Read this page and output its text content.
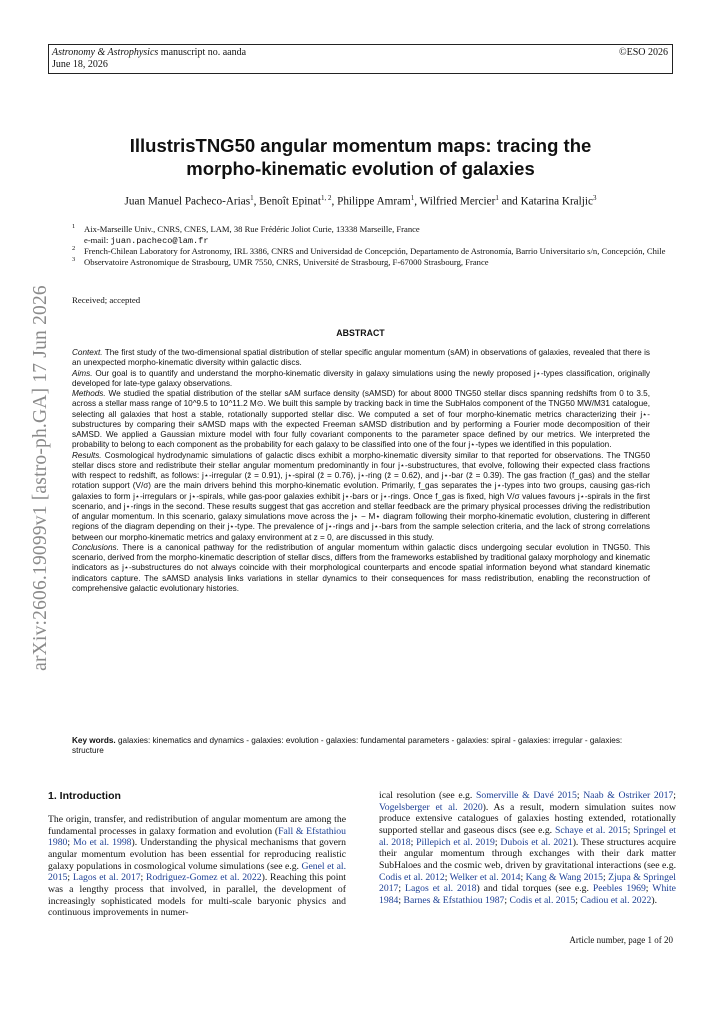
arXiv:2606.19099v1 [astro-ph.GA] 17 Jun 2026
Astronomy & Astrophysics manuscript no. aanda
June 18, 2026
©ESO 2026
IllustrisTNG50 angular momentum maps: tracing the
morpho-kinematic evolution of galaxies
Juan Manuel Pacheco-Arias$^1$, Benoît Epinat$^{1, 2}$, Philippe Amram$^1$, Wilfried Mercier$^1$ and Katarina Kraljic$^3$
1 Aix-Marseille Univ., CNRS, CNES, LAM, 38 Rue Frédéric Joliot Curie, 13338 Marseille, France
e-mail: juan.pacheco@lam.fr
2 French-Chilean Laboratory for Astronomy, IRL 3386, CNRS and Universidad de Concepción, Departamento de Astronomía, Barrio Universitario s/n, Concepción, Chile
3 Observatoire Astronomique de Strasbourg, UMR 7550, CNRS, Université de Strasbourg, F-67000 Strasbourg, France
Received; accepted
ABSTRACT

Context. The first study of the two-dimensional spatial distribution of stellar specific angular momentum (sAM) in observations of galaxies, revealed that there is an unexpected morpho-kinematic diversity within galactic discs.

Aims. Our goal is to quantify and understand the morpho-kinematic diversity in galaxy simulations using the newly proposed j⋆-types classification, originally developed for late-type galaxy observations.

Methods. We studied the spatial distribution of the stellar sAM surface density (sAMSD) for about 8000 TNG50 stellar discs spanning redshifts from 0 to 3.5, across a stellar mass range of 10^9.5 to 10^11.2 M⊙. We built this sample by tracking back in time the SubHalos component of the TNG50 MW/M31 catalogue, selecting all galaxies that host a stable, rotationally supported stellar disc. We computed a set of four morpho-kinematic metrics characterizing their j⋆-substructures by comparing their sAMSD maps with the expected Freeman sAMSD distribution and by performing a Fourier mode decomposition of their sAMSD. We applied a Gaussian mixture model with four fully covariant components to the parameter space defined by our metrics. We interpreted the probability to belong to each component as the probability for each galaxy to be classified into one of the four j⋆-types we identified in this population.

Results. Cosmological hydrodynamic simulations of galactic discs exhibit a morpho-kinematic diversity similar to that reported for observations. The TNG50 stellar discs store and redistribute their stellar angular momentum predominantly in four j⋆-substructures, that evolve, following their expected class fractions with respect to redshift, as follows: j⋆-irregular (z̄ = 0.91), j⋆-spiral (z̄ = 0.76), j⋆-ring (z̄ = 0.62), and j⋆-bar (z̄ = 0.39). The gas fraction (f_gas) and the stellar rotation support (V/σ) are the main drivers behind this morpho-kinematic evolution. Primarily, f_gas separates the j⋆-types into two groups, causing gas-rich galaxies to form j⋆-irregulars or j⋆-spirals, while gas-poor galaxies exhibit j⋆-bars or j⋆-rings. Once f_gas is fixed, high V/σ values favours j⋆-spirals in the first scenario, and j⋆-rings in the second. These results suggest that gas accretion and stellar feedback are the primary physical processes driving the redistribution of angular momentum. In this scenario, galaxy simulations move across the j⋆ − M⋆ diagram following their morpho-kinematic evolution, clustering in different regions of the diagram depending on their j⋆-type. The prevalence of j⋆-rings and j⋆-bars from the sample selection criteria, and the lack of strong correlations between our morpho-kinematic metrics and galaxy environment at z = 0, are discussed in this study.

Conclusions. There is a canonical pathway for the redistribution of angular momentum within galactic discs undergoing secular evolution in TNG50. This scenario, derived from the morpho-kinematic description of stellar discs, differs from the frameworks established by traditional galaxy morphology and kinematic indicators as j⋆-substructures do not always coincide with their morphological counterparts and encode spatial information beyond what standard kinematic indicators capture. The sAMSD analysis links variations in stellar dynamics to their consequences for mass redistribution, enabling the reconstruction of comprehensive galactic evolutionary histories.

Key words. galaxies: kinematics and dynamics - galaxies: evolution - galaxies: fundamental parameters - galaxies: spiral - galaxies: irregular - galaxies: structure
1. Introduction
The origin, transfer, and redistribution of angular momentum are among the fundamental processes in galaxy formation and evolution (Fall & Efstathiou 1980; Mo et al. 1998). Understanding the physical mechanisms that govern angular momentum evolution has been essential for reproducing realistic galaxy populations in cosmological volume simulations (see e.g. Genel et al. 2015; Lagos et al. 2017; Rodriguez-Gomez et al. 2022). Reaching this point was a lengthy process that involved, in parallel, the development of increasingly sophisticated models for multi-scale baryonic physics and continuous improvements in numer-
ical resolution (see e.g. Somerville & Davé 2015; Naab & Ostriker 2017; Vogelsberger et al. 2020). As a result, modern simulation suites now produce extensive catalogues of galaxies hosting extended, rotationally supported stellar and gaseous discs (see e.g. Schaye et al. 2015; Springel et al. 2018; Pillepich et al. 2019; Dubois et al. 2021). These structures acquire their angular momentum through exchanges with their dark matter SubHaloes and the cosmic web, driven by gravitational interactions (see e.g. Codis et al. 2012; Welker et al. 2014; Kang & Wang 2015; Zjupa & Springel 2017; Lagos et al. 2018) and tidal torques (see e.g. Peebles 1969; White 1984; Barnes & Efstathiou 1987; Codis et al. 2015; Cadiou et al. 2022).
Article number, page 1 of 20
